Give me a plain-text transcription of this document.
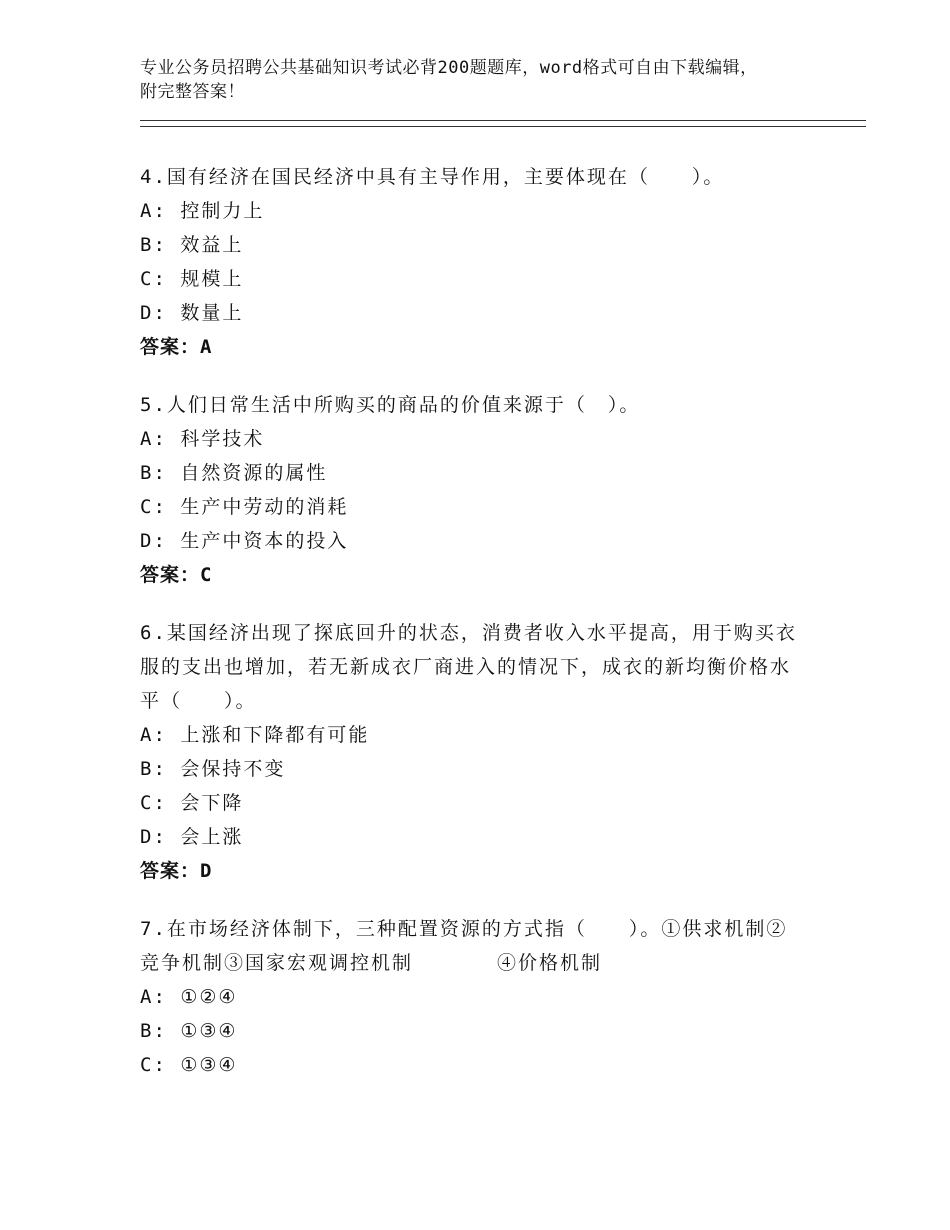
专业公务员招聘公共基础知识考试必背200题题库，word格式可自由下载编辑，
附完整答案！
4.国有经济在国民经济中具有主导作用，主要体现在（　　）。
A: 控制力上
B: 效益上
C: 规模上
D: 数量上
答案：A
5.人们日常生活中所购买的商品的价值来源于（　）。
A: 科学技术
B: 自然资源的属性
C: 生产中劳动的消耗
D: 生产中资本的投入
答案：C
6.某国经济出现了探底回升的状态，消费者收入水平提高，用于购买衣服的支出也增加，若无新成衣厂商进入的情况下，成衣的新均衡价格水平（　　）。
A: 上涨和下降都有可能
B: 会保持不变
C: 会下降
D: 会上涨
答案：D
7.在市场经济体制下，三种配置资源的方式指（　　）。①供求机制②竞争机制③国家宏观调控机制　　　　④价格机制
A: ①②④
B: ①③④
C: ①③④
